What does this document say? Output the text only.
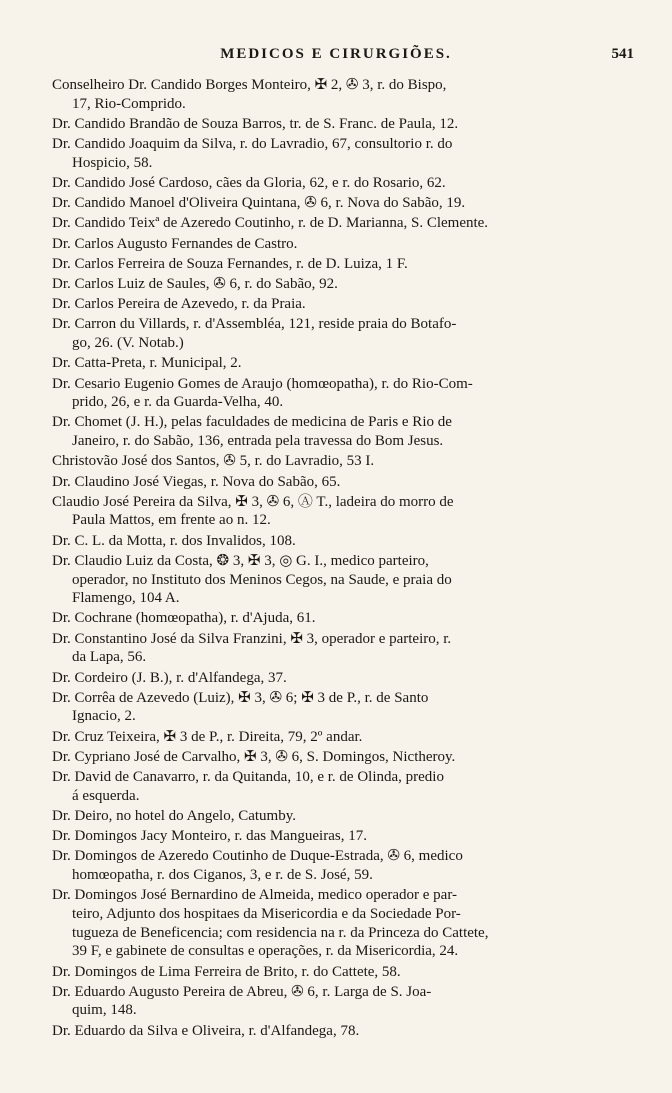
MEDICOS E CIRURGIÕES.	541
Conselheiro Dr. Candido Borges Monteiro, ✠ 2, ✇ 3, r. do Bispo,
17, Rio-Comprido.
Dr. Candido Brandão de Souza Barros, tr. de S. Franc. de Paula, 12.
Dr. Candido Joaquim da Silva, r. do Lavradio, 67, consultorio r. do
Hospicio, 58.
Dr. Candido José Cardoso, cães da Gloria, 62, e r. do Rosario, 62.
Dr. Candido Manoel d'Oliveira Quintana, ✇ 6, r. Nova do Sabão, 19.
Dr. Candido Teixª de Azeredo Coutinho, r. de D. Marianna, S. Clemente.
Dr. Carlos Augusto Fernandes de Castro.
Dr. Carlos Ferreira de Souza Fernandes, r. de D. Luiza, 1 F.
Dr. Carlos Luiz de Saules, ✇ 6, r. do Sabão, 92.
Dr. Carlos Pereira de Azevedo, r. da Praia.
Dr. Carron du Villards, r. d'Assembléa, 121, reside praia do Botafo-
go, 26. (V. Notab.)
Dr. Catta-Preta, r. Municipal, 2.
Dr. Cesario Eugenio Gomes de Araujo (homœopatha), r. do Rio-Com-
prido, 26, e r. da Guarda-Velha, 40.
Dr. Chomet (J. H.), pelas faculdades de medicina de Paris e Rio de
Janeiro, r. do Sabão, 136, entrada pela travessa do Bom Jesus.
Christovão José dos Santos, ✇ 5, r. do Lavradio, 53 I.
Dr. Claudino José Viegas, r. Nova do Sabão, 65.
Claudio José Pereira da Silva, ✠ 3, ✇ 6, Ⓐ T., ladeira do morro de
Paula Mattos, em frente ao n. 12.
Dr. C. L. da Motta, r. dos Invalidos, 108.
Dr. Claudio Luiz da Costa, ❂ 3, ✠ 3, ◎ G. I., medico parteiro,
operador, no Instituto dos Meninos Cegos, na Saude, e praia do
Flamengo, 104 A.
Dr. Cochrane (homœopatha), r. d'Ajuda, 61.
Dr. Constantino José da Silva Franzini, ✠ 3, operador e parteiro, r.
da Lapa, 56.
Dr. Cordeiro (J. B.), r. d'Alfandega, 37.
Dr. Corrêa de Azevedo (Luiz), ✠ 3, ✇ 6; ✠ 3 de P., r. de Santo
Ignacio, 2.
Dr. Cruz Teixeira, ✠ 3 de P., r. Direita, 79, 2º andar.
Dr. Cypriano José de Carvalho, ✠ 3, ✇ 6, S. Domingos, Nictheroy.
Dr. David de Canavarro, r. da Quitanda, 10, e r. de Olinda, predio
á esquerda.
Dr. Deiro, no hotel do Angelo, Catumby.
Dr. Domingos Jacy Monteiro, r. das Mangueiras, 17.
Dr. Domingos de Azeredo Coutinho de Duque-Estrada, ✇ 6, medico
homœopatha, r. dos Ciganos, 3, e r. de S. José, 59.
Dr. Domingos José Bernardino de Almeida, medico operador e par-
teiro, Adjunto dos hospitaes da Misericordia e da Sociedade Por-
tugueza de Beneficencia; com residencia na r. da Princeza do Cattete,
39 F, e gabinete de consultas e operações, r. da Misericordia, 24.
Dr. Domingos de Lima Ferreira de Brito, r. do Cattete, 58.
Dr. Eduardo Augusto Pereira de Abreu, ✇ 6, r. Larga de S. Joa-
quim, 148.
Dr. Eduardo da Silva e Oliveira, r. d'Alfandega, 78.
